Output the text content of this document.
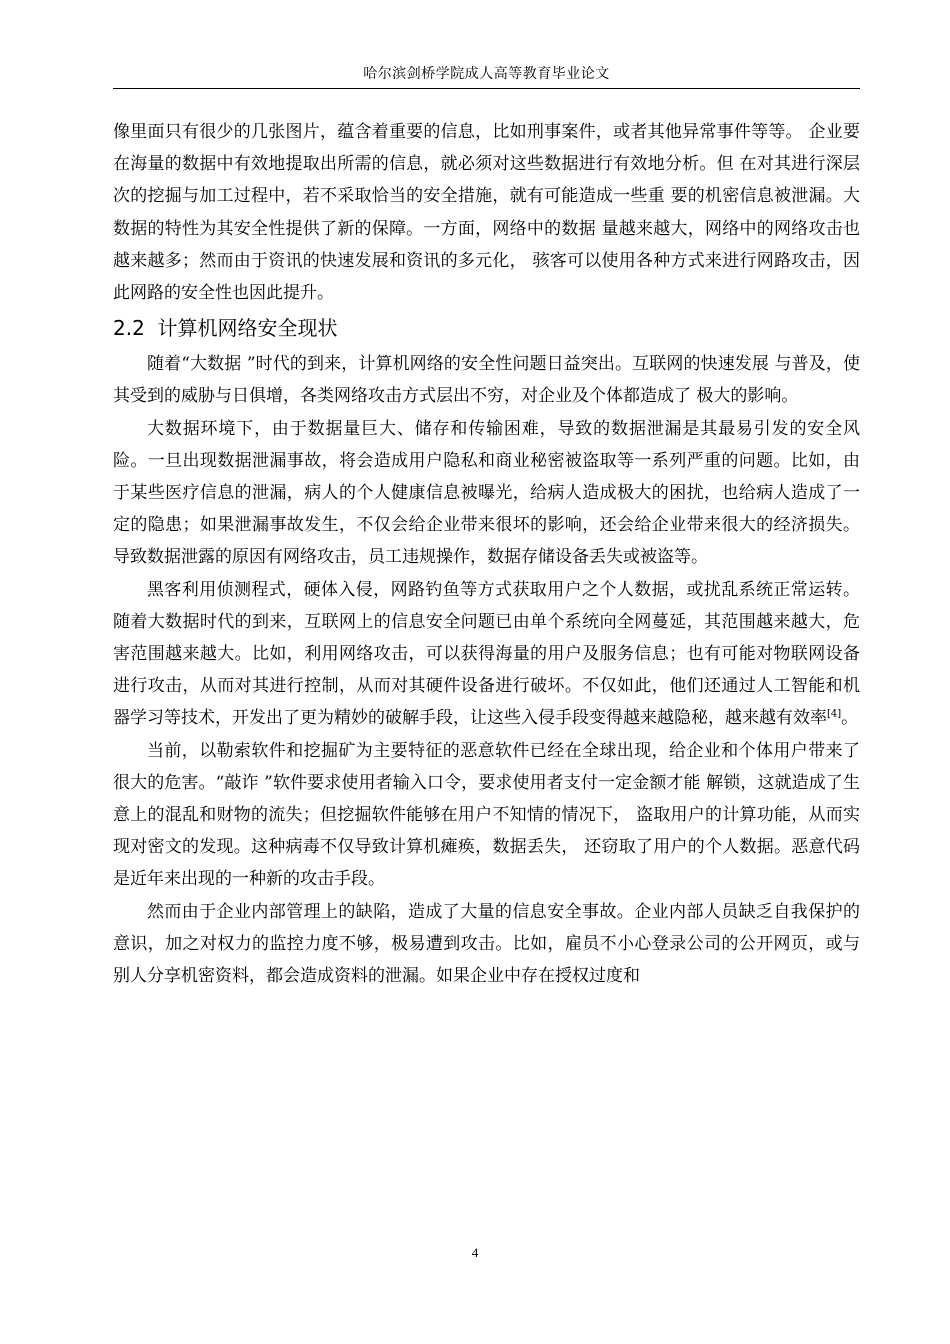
哈尔滨剑桥学院成人高等教育毕业论文

像里面只有很少的几张图片，蕴含着重要的信息，比如刑事案件，或者其他异常事件等等。 企业要在海量的数据中有效地提取出所需的信息，就必须对这些数据进行有效地分析。但 在对其进行深层次的挖掘与加工过程中，若不采取恰当的安全措施，就有可能造成一些重 要的机密信息被泄漏。大数据的特性为其安全性提供了新的保障。一方面，网络中的数据 量越来越大，网络中的网络攻击也越来越多；然而由于资讯的快速发展和资讯的多元化， 骇客可以使用各种方式来进行网路攻击，因此网路的安全性也因此提升。

2.2 计算机网络安全现状

随着“大数据 ”时代的到来，计算机网络的安全性问题日益突出。互联网的快速发展 与普及，使其受到的威胁与日俱增，各类网络攻击方式层出不穷，对企业及个体都造成了 极大的影响。

大数据环境下，由于数据量巨大、储存和传输困难，导致的数据泄漏是其最易引发的安全风险。一旦出现数据泄漏事故，将会造成用户隐私和商业秘密被盗取等一系列严重的问题。比如，由于某些医疗信息的泄漏，病人的个人健康信息被曝光，给病人造成极大的困扰，也给病人造成了一定的隐患；如果泄漏事故发生，不仅会给企业带来很坏的影响，还会给企业带来很大的经济损失。导致数据泄露的原因有网络攻击，员工违规操作，数据存储设备丢失或被盗等。

黑客利用侦测程式，硬体入侵，网路钓鱼等方式获取用户之个人数据，或扰乱系统正常运转。随着大数据时代的到来，互联网上的信息安全问题已由单个系统向全网蔓延，其范围越来越大，危害范围越来越大。比如，利用网络攻击，可以获得海量的用户及服务信息；也有可能对物联网设备进行攻击，从而对其进行控制，从而对其硬件设备进行破坏。不仅如此，他们还通过人工智能和机器学习等技术，开发出了更为精妙的破解手段，让这些入侵手段变得越来越隐秘，越来越有效率[4]。

当前，以勒索软件和挖掘矿为主要特征的恶意软件已经在全球出现，给企业和个体用户带来了很大的危害。“敲诈 ”软件要求使用者输入口令，要求使用者支付一定金额才能 解锁，这就造成了生意上的混乱和财物的流失；但挖掘软件能够在用户不知情的情况下， 盗取用户的计算功能，从而实现对密文的发现。这种病毒不仅导致计算机瘫痪，数据丢失， 还窃取了用户的个人数据。恶意代码是近年来出现的一种新的攻击手段。

然而由于企业内部管理上的缺陷，造成了大量的信息安全事故。企业内部人员缺乏自我保护的意识，加之对权力的监控力度不够，极易遭到攻击。比如，雇员不小心登录公司的公开网页，或与别人分享机密资料，都会造成资料的泄漏。如果企业中存在授权过度和

4
